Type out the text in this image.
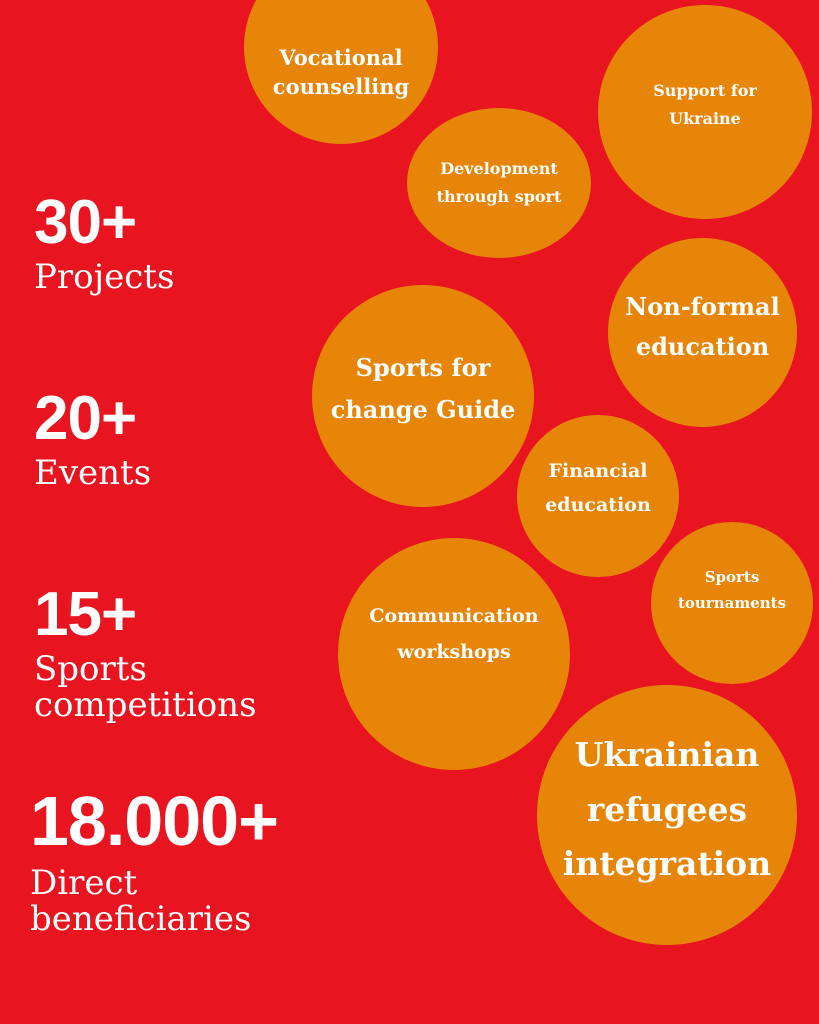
30+
Projects
20+
Events
15+
Sports competitions
18.000+
Direct beneficiaries
Vocational counselling	Support for Ukraine
Development through sport
Non-formal education
Sports for change Guide
Financial education
Sports tournaments
Communication workshops
Ukrainian refugees integration
